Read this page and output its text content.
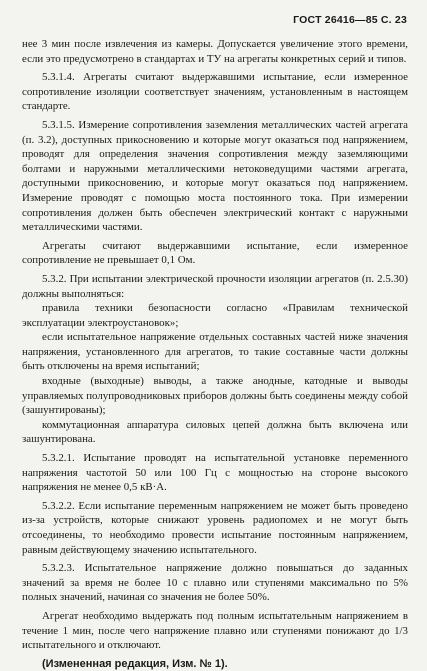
ГОСТ 26416—85 С. 23

нее 3 мин после извлечения из камеры. Допускается увеличение этого времени, если это предусмотрено в стандартах и ТУ на агрегаты конкретных серий и типов.

5.3.1.4. Агрегаты считают выдержавшими испытание, если измеренное сопротивление изоляции соответствует значениям, установленным в настоящем стандарте.

5.3.1.5. Измерение сопротивления заземления металлических частей агрегата (п. 3.2), доступных прикосновению и которые могут оказаться под напряжением, проводят для определения значения сопротивления между заземляющими болтами и наружными металлическими нетоковедущими частями агрегата, доступными прикосновению, и которые могут оказаться под напряжением. Измерение проводят с помощью моста постоянного тока. При измерении сопротивления должен быть обеспечен электрический контакт с наружными металлическими частями.

Агрегаты считают выдержавшими испытание, если измеренное сопротивление не превышает 0,1 Ом.

5.3.2. При испытании электрической прочности изоляции агрегатов (п. 2.5.30) должны выполняться:

правила техники безопасности согласно «Правилам технической эксплуатации электроустановок»;

если испытательное напряжение отдельных составных частей ниже значения напряжения, установленного для агрегатов, то такие составные части должны быть отключены на время испытаний;

входные (выходные) выводы, а также анодные, катодные и выводы управляемых полупроводниковых приборов должны быть соединены между собой (зашунтированы);

коммутационная аппаратура силовых цепей должна быть включена или зашунтирована.

5.3.2.1. Испытание проводят на испытательной установке переменного напряжения частотой 50 или 100 Гц с мощностью на стороне высокого напряжения не менее 0,5 кВ·А.

5.3.2.2. Если испытание переменным напряжением не может быть проведено из-за устройств, которые снижают уровень радиопомех и не могут быть отсоединены, то необходимо провести испытание постоянным напряжением, равным действующему значению испытательного.

5.3.2.3. Испытательное напряжение должно повышаться до заданных значений за время не более 10 с плавно или ступенями максимально по 5% полных значений, начиная со значения не более 50%.

Агрегат необходимо выдержать под полным испытательным напряжением в течение 1 мин, после чего напряжение плавно или ступенями понижают до 1/3 испытательного и отключают.

(Измененная редакция, Изм. № 1).
